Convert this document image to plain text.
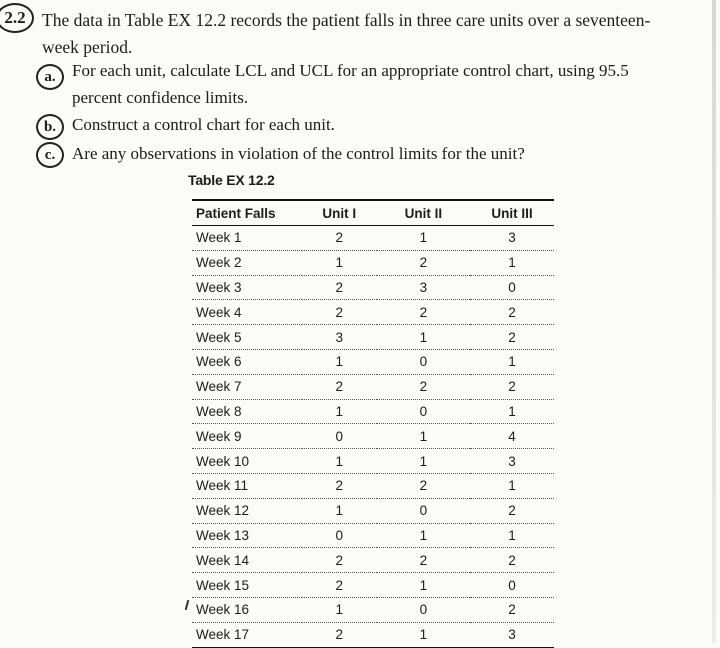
2.2 The data in Table EX 12.2 records the patient falls in three care units over a seventeen-week period.
a. For each unit, calculate LCL and UCL for an appropriate control chart, using 95.5 percent confidence limits.
b. Construct a control chart for each unit.
c. Are any observations in violation of the control limits for the unit?
Table EX 12.2
Patient Falls	Unit I	Unit II	Unit III
Week 1	2	1	3
Week 2	1	2	1
Week 3	2	3	0
Week 4	2	2	2
Week 5	3	1	2
Week 6	1	0	1
Week 7	2	2	2
Week 8	1	0	1
Week 9	0	1	4
Week 10	1	1	3
Week 11	2	2	1
Week 12	1	0	2
Week 13	0	1	1
Week 14	2	2	2
Week 15	2	1	0
Week 16	1	0	2
Week 17	2	1	3
